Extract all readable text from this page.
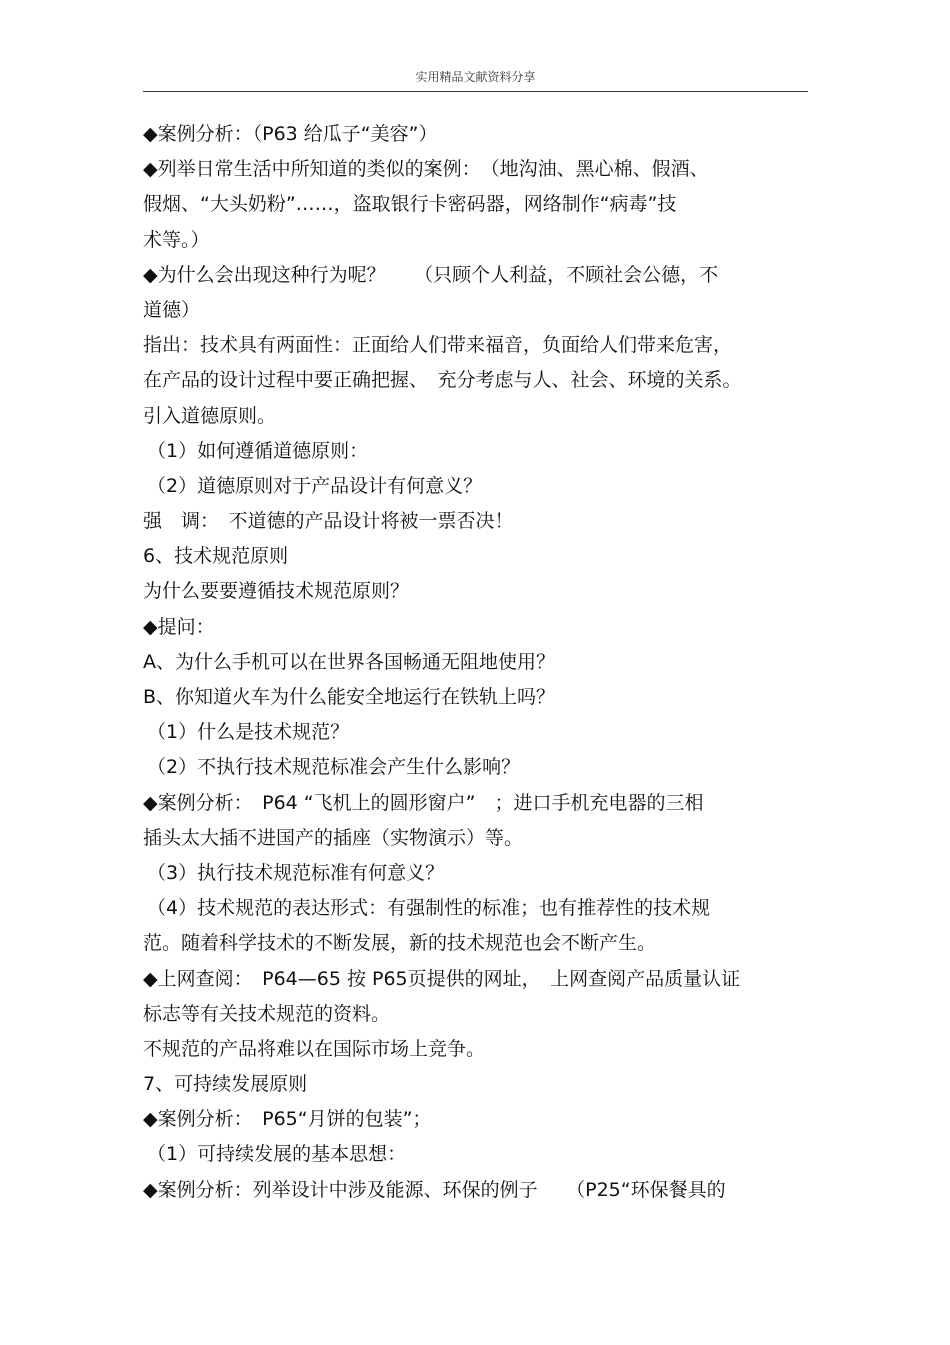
实用精品文献资料分享
◆案例分析：（P63 给瓜子“美容”）
◆列举日常生活中所知道的类似的案例：　（地沟油、黑心棉、假酒、
假烟、“大头奶粉”……，盗取银行卡密码器，网络制作“病毒”技
术等。）
◆为什么会出现这种行为呢？　　（只顾个人利益，不顾社会公德，不
道德）
指出：技术具有两面性：正面给人们带来福音，负面给人们带来危害，
在产品的设计过程中要正确把握、　充分考虑与人、社会、环境的关系。
引入道德原则。
（1）如何遵循道德原则：
（2）道德原则对于产品设计有何意义？
强　调：　不道德的产品设计将被一票否决！
6、技术规范原则
为什么要要遵循技术规范原则？
◆提问：
A、为什么手机可以在世界各国畅通无阻地使用？
B、你知道火车为什么能安全地运行在铁轨上吗？
（1）什么是技术规范？
（2）不执行技术规范标准会产生什么影响？
◆案例分析：　P64 “飞机上的圆形窗户”　；进口手机充电器的三相
插头太大插不进国产的插座（实物演示）等。
（3）执行技术规范标准有何意义？
（4）技术规范的表达形式：有强制性的标准；也有推荐性的技术规
范。随着科学技术的不断发展，新的技术规范也会不断产生。
◆上网查阅：　P64—65 按 P65页提供的网址，　上网查阅产品质量认证
标志等有关技术规范的资料。
不规范的产品将难以在国际市场上竞争。
7、可持续发展原则
◆案例分析：　P65“月饼的包装”；
（1）可持续发展的基本思想：
◆案例分析：列举设计中涉及能源、环保的例子　　（P25“环保餐具的
